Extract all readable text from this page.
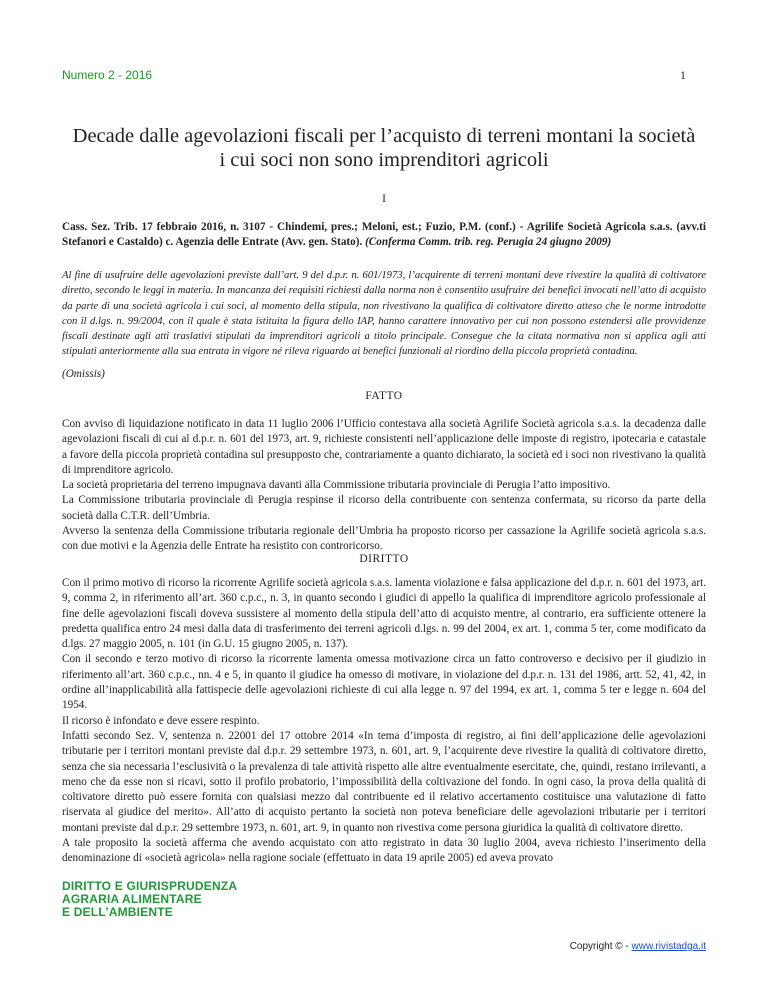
Numero 2 - 2016	1
Decade dalle agevolazioni fiscali per l’acquisto di terreni montani la società i cui soci non sono imprenditori agricoli
I
Cass. Sez. Trib. 17 febbraio 2016, n. 3107 - Chindemi, pres.; Meloni, est.; Fuzio, P.M. (conf.) - Agrilife Società Agricola s.a.s. (avv.ti Stefanori e Castaldo) c. Agenzia delle Entrate (Avv. gen. Stato). (Conferma Comm. trib. reg. Perugia 24 giugno 2009)
Al fine di usufruire delle agevolazioni previste dall’art. 9 del d.p.r. n. 601/1973, l’acquirente di terreni montani deve rivestire la qualità di coltivatore diretto, secondo le leggi in materia. In mancanza dei requisiti richiesti dalla norma non è consentito usufruire dei benefici invocati nell’atto di acquisto da parte di una società agricola i cui soci, al momento della stipula, non rivestivano la qualifica di coltivatore diretto atteso che le norme introdotte con il d.lgs. n. 99/2004, con il quale è stata istituita la figura dello IAP, hanno carattere innovativo per cui non possono estendersi alle provvidenze fiscali destinate agli atti traslativi stipulati da imprenditori agricoli a titolo principale. Consegue che la citata normativa non si applica agli atti stipulati anteriormente alla sua entrata in vigore né rileva riguardo ai benefici funzionali al riordino della piccola proprietà contadina.
(Omissis)
FATTO

Con avviso di liquidazione notificato in data 11 luglio 2006 l’Ufficio contestava alla società Agrilife Società agricola s.a.s. la decadenza dalle agevolazioni fiscali di cui al d.p.r. n. 601 del 1973, art. 9, richieste consistenti nell’applicazione delle imposte di registro, ipotecaria e catastale a favore della piccola proprietà contadina sul presupposto che, contrariamente a quanto dichiarato, la società ed i soci non rivestivano la qualità di imprenditore agricolo.

La società proprietaria del terreno impugnava davanti alla Commissione tributaria provinciale di Perugia l’atto impositivo.

La Commissione tributaria provinciale di Perugia respinse il ricorso della contribuente con sentenza confermata, su ricorso da parte della società dalla C.T.R. dell’Umbria.

Avverso la sentenza della Commissione tributaria regionale dell’Umbria ha proposto ricorso per cassazione la Agrilife società agricola s.a.s. con due motivi e la Agenzia delle Entrate ha resistito con controricorso.

DIRITTO

Con il primo motivo di ricorso la ricorrente Agrilife società agricola s.a.s. lamenta violazione e falsa applicazione del d.p.r. n. 601 del 1973, art. 9, comma 2, in riferimento all’art. 360 c.p.c., n. 3, in quanto secondo i giudici di appello la qualifica di imprenditore agricolo professionale al fine delle agevolazioni fiscali doveva sussistere al momento della stipula dell’atto di acquisto mentre, al contrario, era sufficiente ottenere la predetta qualifica entro 24 mesi dalla data di trasferimento dei terreni agricoli d.lgs. n. 99 del 2004, ex art. 1, comma 5 ter, come modificato da d.lgs. 27 maggio 2005, n. 101 (in G.U. 15 giugno 2005, n. 137).

Con il secondo e terzo motivo di ricorso la ricorrente lamenta omessa motivazione circa un fatto controverso e decisivo per il giudizio in riferimento all’art. 360 c.p.c., nn. 4 e 5, in quanto il giudice ha omesso di motivare, in violazione del d.p.r. n. 131 del 1986, artt. 52, 41, 42, in ordine all’inapplicabilità alla fattispecie delle agevolazioni richieste di cui alla legge n. 97 del 1994, ex art. 1, comma 5 ter e legge n. 604 del 1954.

Il ricorso è infondato e deve essere respinto.

Infatti secondo Sez. V, sentenza n. 22001 del 17 ottobre 2014 «In tema d’imposta di registro, ai fini dell’applicazione delle agevolazioni tributarie per i territori montani previste dal d.p.r. 29 settembre 1973, n. 601, art. 9, l’acquirente deve rivestire la qualità di coltivatore diretto, senza che sia necessaria l’esclusività o la prevalenza di tale attività rispetto alle altre eventualmente esercitate, che, quindi, restano irrilevanti, a meno che da esse non si ricavi, sotto il profilo probatorio, l’impossibilità della coltivazione del fondo. In ogni caso, la prova della qualità di coltivatore diretto può essere fornita con qualsiasi mezzo dal contribuente ed il relativo accertamento costituisce una valutazione di fatto riservata al giudice del merito». All’atto di acquisto pertanto la società non poteva beneficiare delle agevolazioni tributarie per i territori montani previste dal d.p.r. 29 settembre 1973, n. 601, art. 9, in quanto non rivestiva come persona giuridica la qualità di coltivatore diretto.

A tale proposito la società afferma che avendo acquistato con atto registrato in data 30 luglio 2004, aveva richiesto l’inserimento della denominazione di «società agricola» nella ragione sociale (effettuato in data 19 aprile 2005) ed aveva provato

DIRITTO E GIURISPRUDENZA
AGRARIA ALIMENTARE
E DELL’AMBIENTE
Copyright © - www.rivistadga.it
